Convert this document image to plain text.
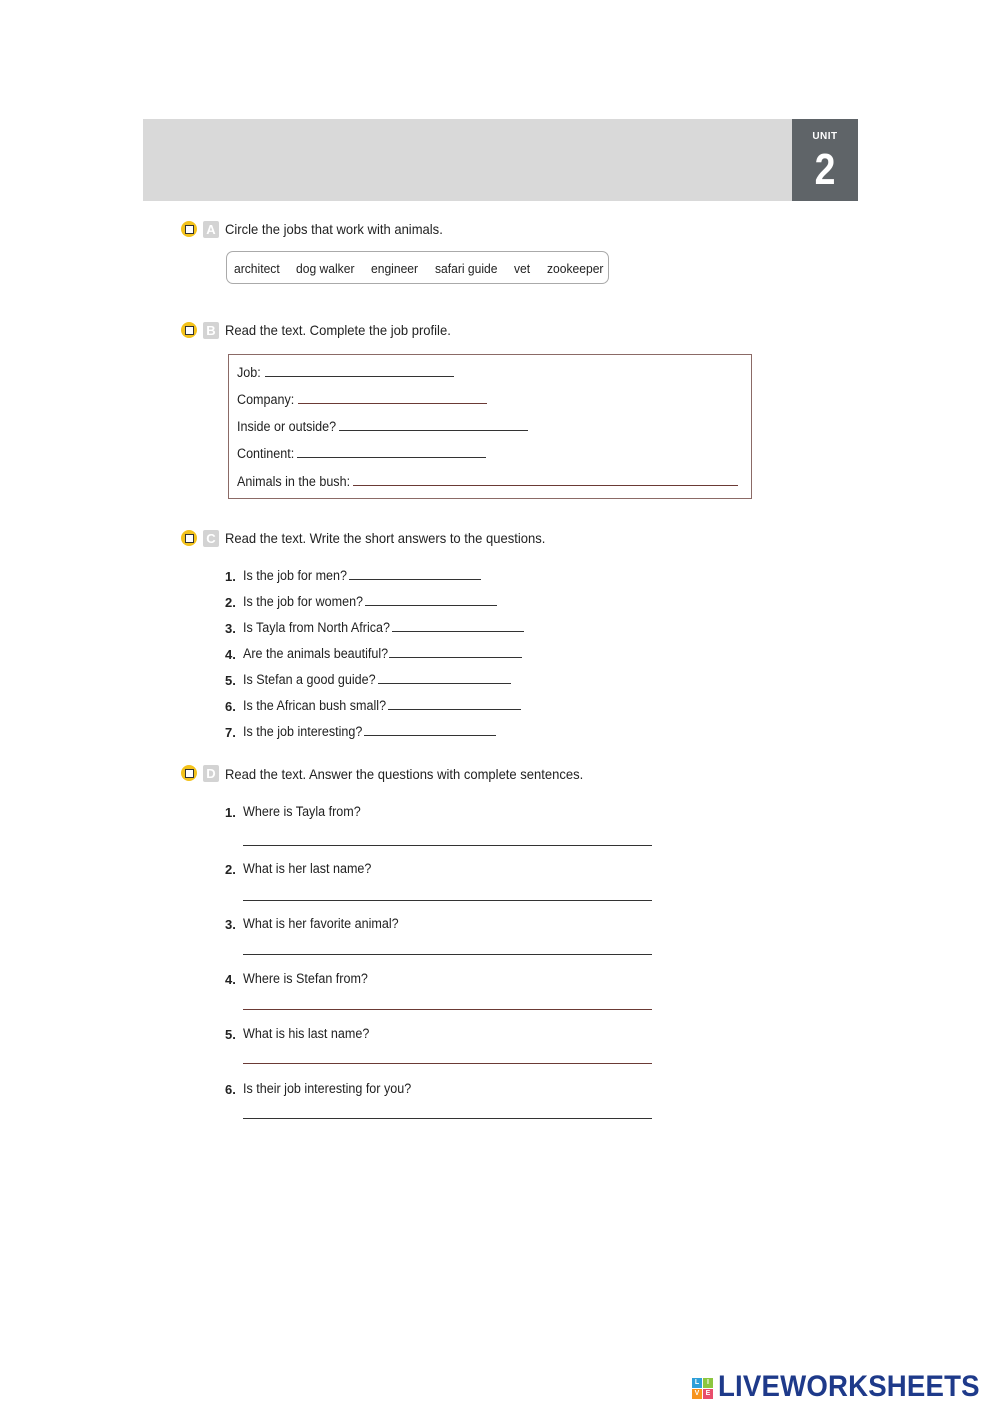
UNIT
2
A Circle the jobs that work with animals.
architect dog walker engineer safari guide vet zookeeper
B Read the text. Complete the job profile.
Job:
Company:
Inside or outside?
Continent:
Animals in the bush:
C Read the text. Write the short answers to the questions.
1. Is the job for men?
2. Is the job for women?
3. Is Tayla from North Africa?
4. Are the animals beautiful?
5. Is Stefan a good guide?
6. Is the African bush small?
7. Is the job interesting?
D Read the text. Answer the questions with complete sentences.
1. Where is Tayla from?
2. What is her last name?
3. What is her favorite animal?
4. Where is Stefan from?
5. What is his last name?
6. Is their job interesting for you?
L	I
V E LIVEWORKSHEETS
